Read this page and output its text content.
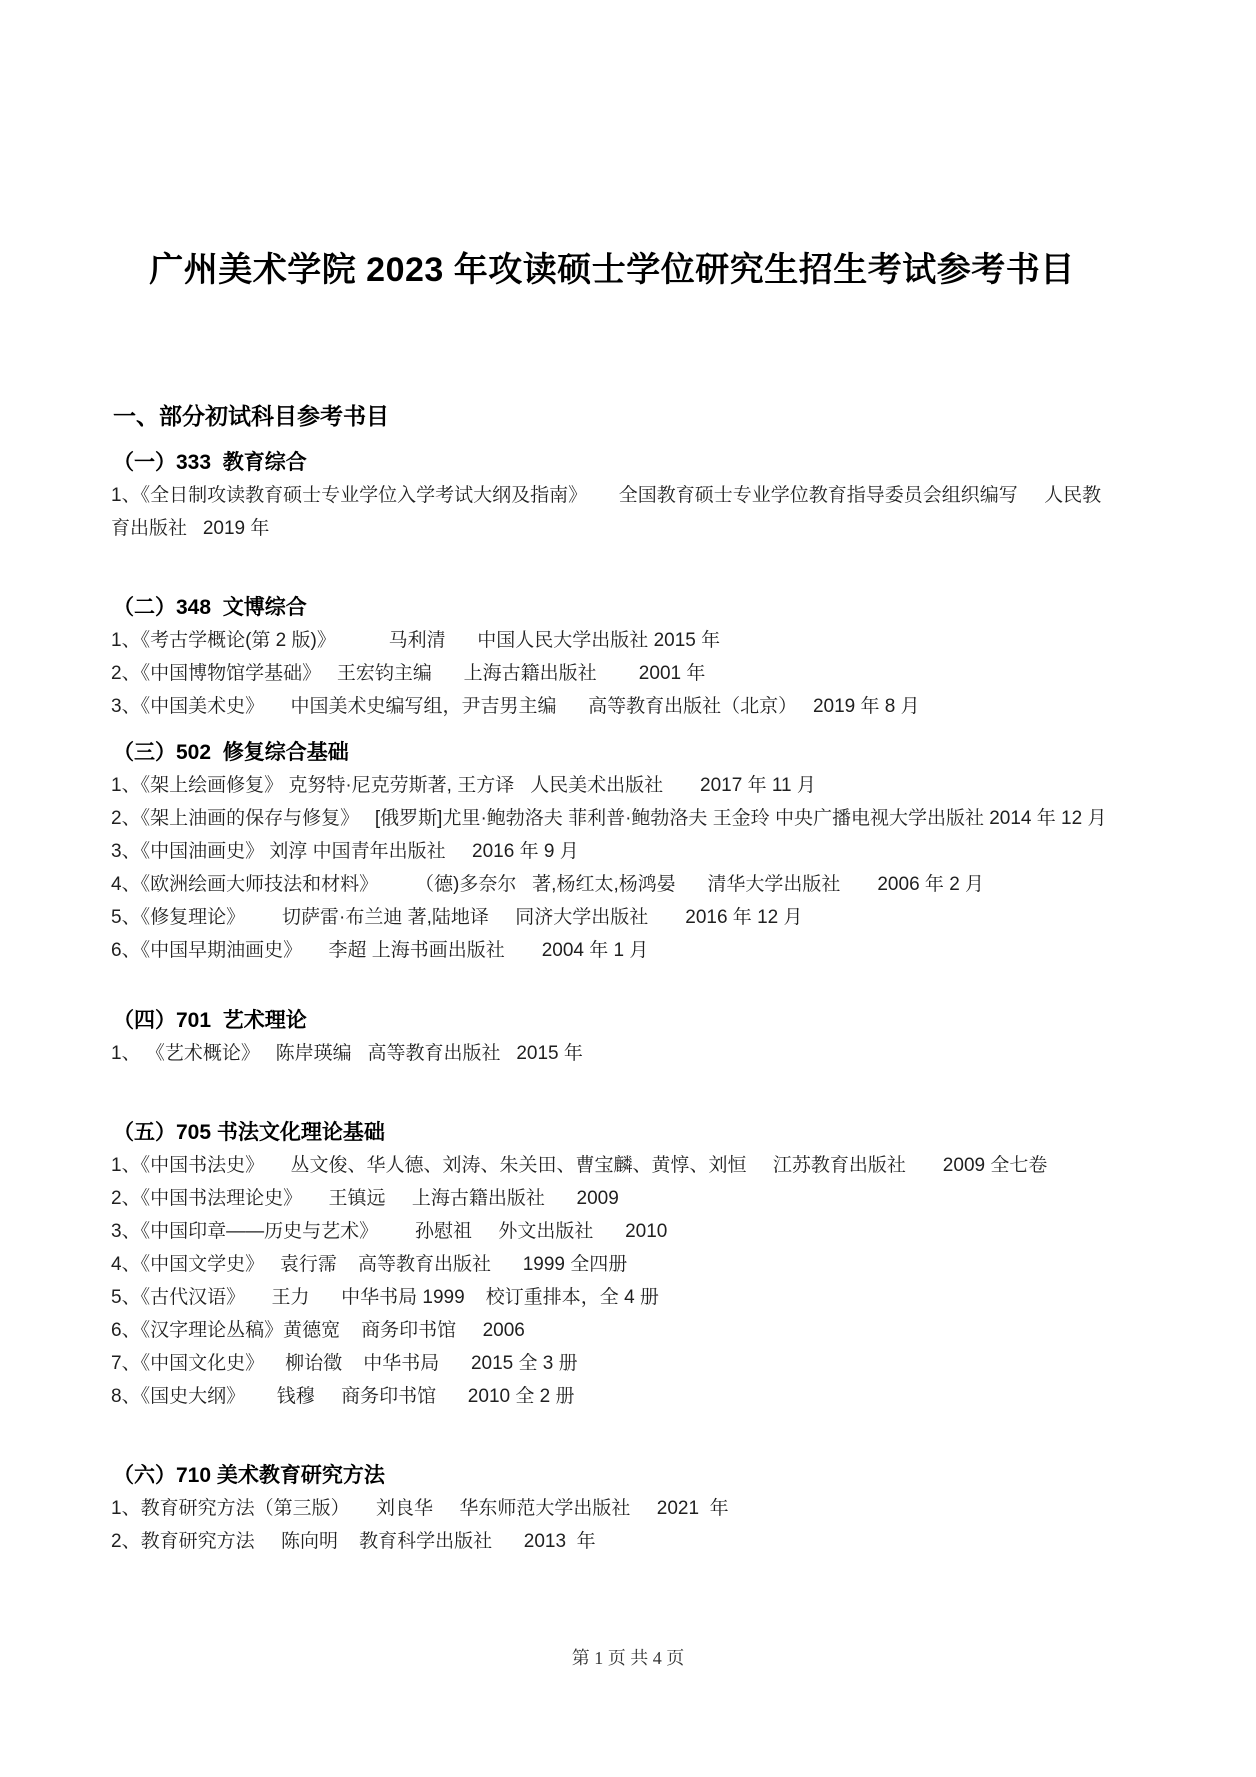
广州美术学院 2023 年攻读硕士学位研究生招生考试参考书目
一、部分初试科目参考书目
（一）333  教育综合

1、《全日制攻读教育硕士专业学位入学考试大纲及指南》      全国教育硕士专业学位教育指导委员会组织编写     人民教育出版社   2019 年

（二）348  文博综合

1、《考古学概论(第 2 版)》          马利清      中国人民大学出版社 2015 年

2、《中国博物馆学基础》   王宏钧主编      上海古籍出版社        2001 年

3、《中国美术史》     中国美术史编写组，尹吉男主编      高等教育出版社（北京）   2019 年 8 月

（三）502  修复综合基础

1、《架上绘画修复》 克努特·尼克劳斯著, 王方译   人民美术出版社       2017 年 11 月

2、《架上油画的保存与修复》   [俄罗斯]尤里·鲍勃洛夫 菲利普·鲍勃洛夫 王金玲 中央广播电视大学出版社 2014 年 12 月

3、《中国油画史》 刘淳 中国青年出版社     2016 年 9 月

4、《欧洲绘画大师技法和材料》       （德)多奈尔   著,杨红太,杨鸿晏      清华大学出版社       2006 年 2 月

5、《修复理论》       切萨雷·布兰迪 著,陆地译     同济大学出版社       2016 年 12 月

6、《中国早期油画史》     李超 上海书画出版社       2004 年 1 月

（四）701  艺术理论

1、 《艺术概论》   陈岸瑛编   高等教育出版社   2015 年

（五）705 书法文化理论基础

1、《中国书法史》     丛文俊、华人德、刘涛、朱关田、曹宝麟、黄惇、刘恒     江苏教育出版社       2009 全七卷

2、《中国书法理论史》     王镇远     上海古籍出版社      2009

3、《中国印章——历史与艺术》       孙慰祖     外文出版社      2010

4、《中国文学史》   袁行霈    高等教育出版社      1999 全四册

5、《古代汉语》     王力      中华书局 1999    校订重排本，全 4 册

6、《汉字理论丛稿》黄德宽    商务印书馆     2006

7、《中国文化史》    柳诒徵    中华书局      2015 全 3 册

8、《国史大纲》      钱穆     商务印书馆      2010 全 2 册

（六）710 美术教育研究方法

1、教育研究方法（第三版）     刘良华     华东师范大学出版社     2021  年

2、教育研究方法     陈向明    教育科学出版社      2013  年

第 1 页 共 4 页
